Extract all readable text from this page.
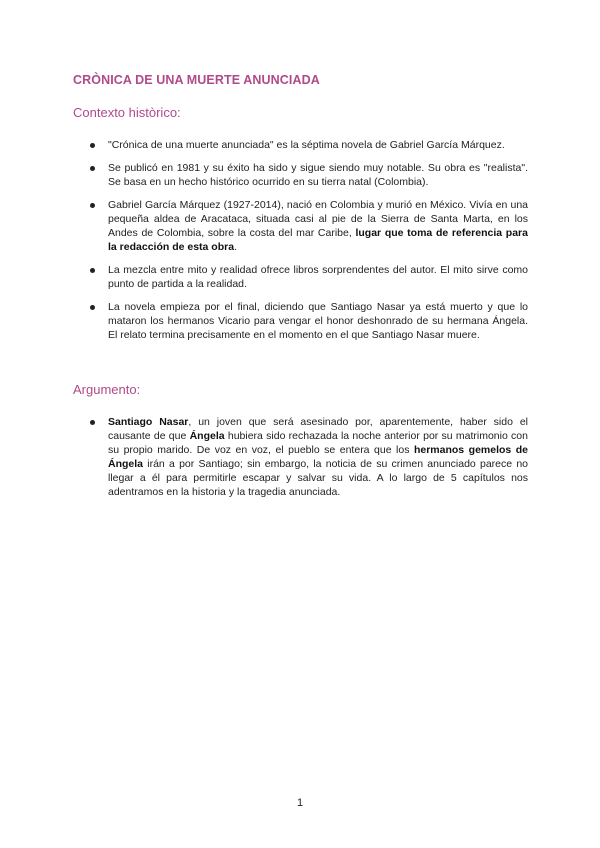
CRÒNICA DE UNA MUERTE ANUNCIADA
Contexto històrico:
"Crónica de una muerte anunciada" es la séptima novela de Gabriel García Márquez.
Se publicó en 1981 y su éxito ha sido y sigue siendo muy notable. Su obra es "realista". Se basa en un hecho histórico ocurrido en su tierra natal (Colombia).
Gabriel García Márquez (1927-2014), nació en Colombia y murió en México. Vivía en una pequeña aldea de Aracataca, situada casi al pie de la Sierra de Santa Marta, en los Andes de Colombia, sobre la costa del mar Caribe, lugar que toma de referencia para la redacción de esta obra.
La mezcla entre mito y realidad ofrece libros sorprendentes del autor. El mito sirve como punto de partida a la realidad.
La novela empieza por el final, diciendo que Santiago Nasar ya está muerto y que lo mataron los hermanos Vicario para vengar el honor deshonrado de su hermana Ángela. El relato termina precisamente en el momento en el que Santiago Nasar muere.
Argumento:
Santiago Nasar, un joven que será asesinado por, aparentemente, haber sido el causante de que Ángela hubiera sido rechazada la noche anterior por su matrimonio con su propio marido. De voz en voz, el pueblo se entera que los hermanos gemelos de Ángela irán a por Santiago; sin embargo, la noticia de su crimen anunciado parece no llegar a él para permitirle escapar y salvar su vida. A lo largo de 5 capítulos nos adentramos en la historia y la tragedia anunciada.
1
